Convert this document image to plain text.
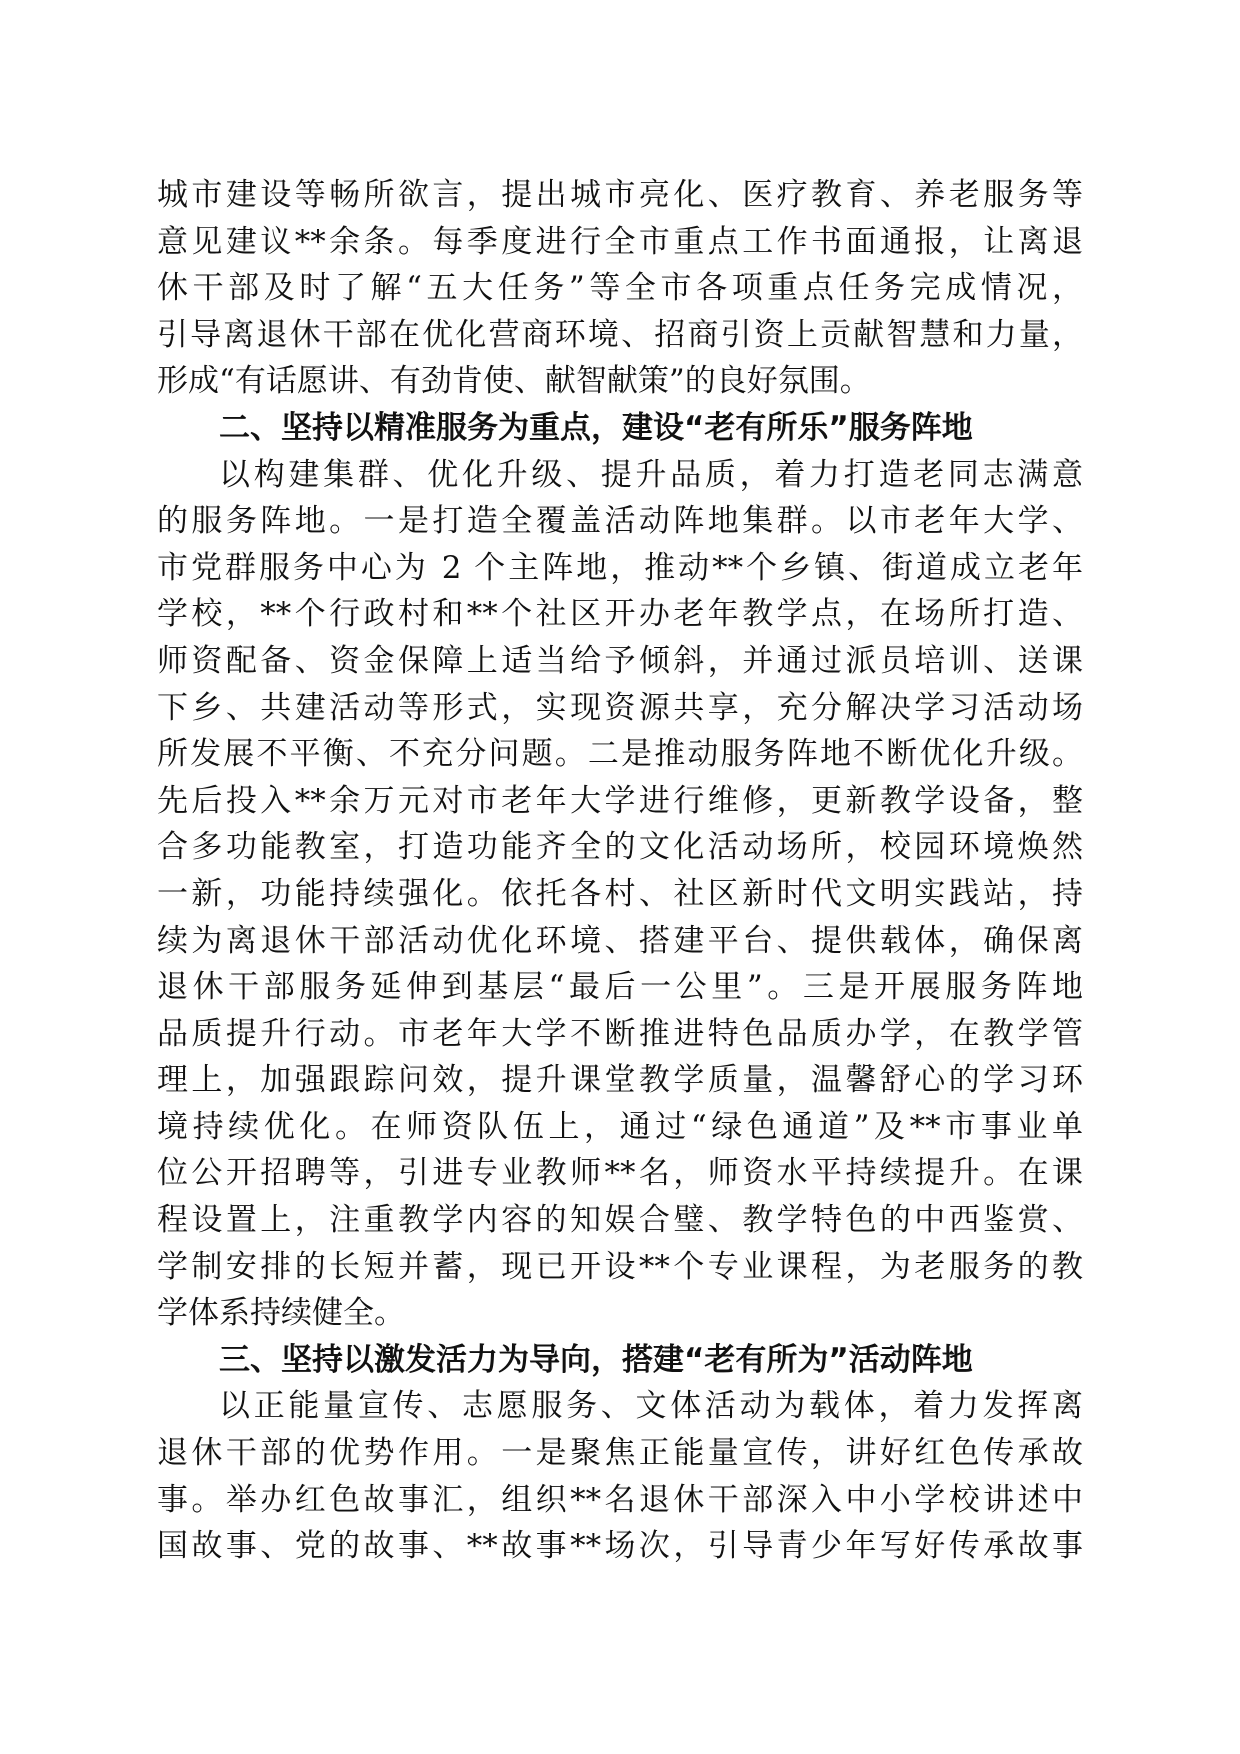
城市建设等畅所欲言，提出城市亮化、医疗教育、养老服务等
意见建议**余条。每季度进行全市重点工作书面通报，让离退
休干部及时了解“五大任务”等全市各项重点任务完成情况，
引导离退休干部在优化营商环境、招商引资上贡献智慧和力量，
形成“有话愿讲、有劲肯使、献智献策”的良好氛围。
二、坚持以精准服务为重点，建设“老有所乐”服务阵地
以构建集群、优化升级、提升品质，着力打造老同志满意
的服务阵地。一是打造全覆盖活动阵地集群。以市老年大学、
市党群服务中心为 2 个主阵地，推动**个乡镇、街道成立老年
学校，**个行政村和**个社区开办老年教学点，在场所打造、
师资配备、资金保障上适当给予倾斜，并通过派员培训、送课
下乡、共建活动等形式，实现资源共享，充分解决学习活动场
所发展不平衡、不充分问题。二是推动服务阵地不断优化升级。
先后投入**余万元对市老年大学进行维修，更新教学设备，整
合多功能教室，打造功能齐全的文化活动场所，校园环境焕然
一新，功能持续强化。依托各村、社区新时代文明实践站，持
续为离退休干部活动优化环境、搭建平台、提供载体，确保离
退休干部服务延伸到基层“最后一公里”。三是开展服务阵地
品质提升行动。市老年大学不断推进特色品质办学，在教学管
理上，加强跟踪问效，提升课堂教学质量，温馨舒心的学习环
境持续优化。在师资队伍上，通过“绿色通道”及**市事业单
位公开招聘等，引进专业教师**名，师资水平持续提升。在课
程设置上，注重教学内容的知娱合璧、教学特色的中西鉴赏、
学制安排的长短并蓄，现已开设**个专业课程，为老服务的教
学体系持续健全。
三、坚持以激发活力为导向，搭建“老有所为”活动阵地
以正能量宣传、志愿服务、文体活动为载体，着力发挥离
退休干部的优势作用。一是聚焦正能量宣传，讲好红色传承故
事。举办红色故事汇，组织**名退休干部深入中小学校讲述中
国故事、党的故事、**故事**场次，引导青少年写好传承故事
